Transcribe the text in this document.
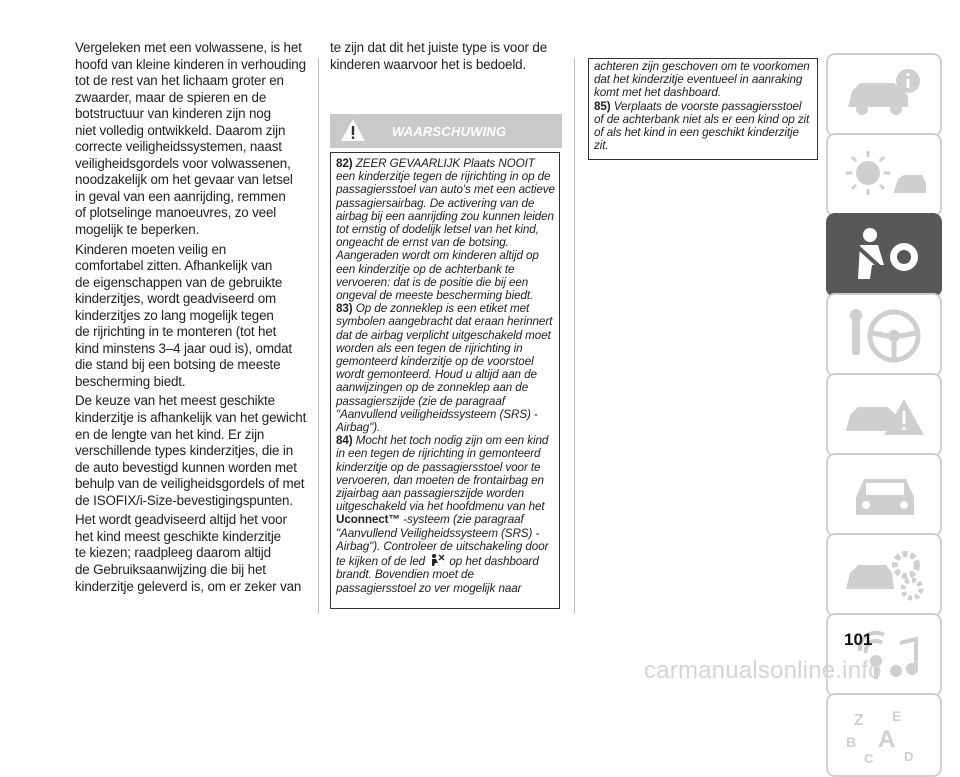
Vergeleken met een volwassene, is het
hoofd van kleine kinderen in verhouding
tot de rest van het lichaam groter en
zwaarder, maar de spieren en de
botstructuur van kinderen zijn nog
niet volledig ontwikkeld. Daarom zijn
correcte veiligheidssystemen, naast
veiligheidsgordels voor volwassenen,
noodzakelijk om het gevaar van letsel
in geval van een aanrijding, remmen
of plotselinge manoeuvres, zo veel
mogelijk te beperken.

Kinderen moeten veilig en
comfortabel zitten. Afhankelijk van
de eigenschappen van de gebruikte
kinderzitjes, wordt geadviseerd om
kinderzitjes zo lang mogelijk tegen
de rijrichting in te monteren (tot het
kind minstens 3–4 jaar oud is), omdat
die stand bij een botsing de meeste
bescherming biedt.

De keuze van het meest geschikte
kinderzitje is afhankelijk van het gewicht
en de lengte van het kind. Er zijn
verschillende types kinderzitjes, die in
de auto bevestigd kunnen worden met
behulp van de veiligheidsgordels of met
de ISOFIX/i-Size-bevestigingspunten.

Het wordt geadviseerd altijd het voor
het kind meest geschikte kinderzitje
te kiezen; raadpleeg daarom altijd
de Gebruiksaanwijzing die bij het
kinderzitje geleverd is, om er zeker van

te zijn dat dit het juiste type is voor de
kinderen waarvoor het is bedoeld.

WAARSCHUWING

82) ZEER GEVAARLIJK Plaats NOOIT een kinderzitje tegen de rijrichting in op de passagiersstoel van auto's met een actieve passagiersairbag. De activering van de airbag bij een aanrijding zou kunnen leiden tot ernstig of dodelijk letsel van het kind, ongeacht de ernst van de botsing. Aangeraden wordt om kinderen altijd op een kinderzitje op de achterbank te vervoeren: dat is de positie die bij een ongeval de meeste bescherming biedt.

83) Op de zonneklep is een etiket met symbolen aangebracht dat eraan herinnert dat de airbag verplicht uitgeschakeld moet worden als een tegen de rijrichting in gemonteerd kinderzitje op de voorstoel wordt gemonteerd. Houd u altijd aan de aanwijzingen op de zonneklep aan de passagierszijde (zie de paragraaf "Aanvullend veiligheidssysteem (SRS) - Airbag").

84) Mocht het toch nodig zijn om een kind in een tegen de rijrichting in gemonteerd kinderzitje op de passagiersstoel voor te vervoeren, dan moeten de frontairbag en zijairbag aan passagierszijde worden uitgeschakeld via het hoofdmenu van het Uconnect™ -systeem (zie paragraaf "Aanvullend Veiligheidssysteem (SRS) - Airbag"). Controleer de uitschakeling door te kijken of de led  op het dashboard brandt. Bovendien moet de passagiersstoel zo ver mogelijk naar

achteren zijn geschoven om te voorkomen dat het kinderzitje eventueel in aanraking komt met het dashboard.

85) Verplaats de voorste passagiersstoel of de achterbank niet als er een kind op zit of als het kind in een geschikt kinderzitje zit.

Z E
B A
C D
101
carmanualsonline.info
